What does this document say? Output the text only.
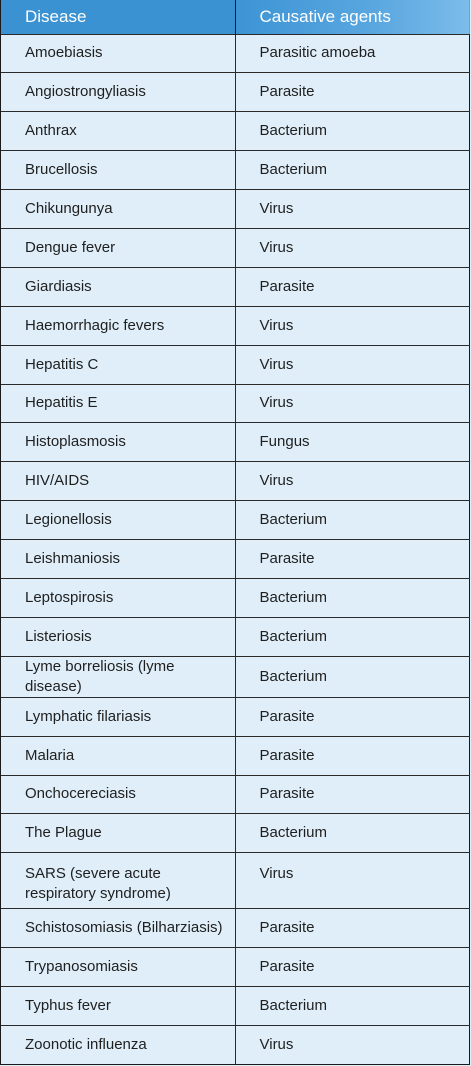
Disease	Causative agents
Amoebiasis	Parasitic amoeba
Angiostrongyliasis	Parasite
Anthrax	Bacterium
Brucellosis	Bacterium
Chikungunya	Virus
Dengue fever	Virus
Giardiasis	Parasite
Haemorrhagic fevers	Virus
Hepatitis C	Virus
Hepatitis E	Virus
Histoplasmosis	Fungus
HIV/AIDS	Virus
Legionellosis	Bacterium
Leishmaniosis	Parasite
Leptospirosis	Bacterium
Listeriosis	Bacterium
Lyme borreliosis (lyme disease)	Bacterium
Lymphatic filariasis	Parasite
Malaria	Parasite
Onchocereciasis	Parasite
The Plague	Bacterium
SARS (severe acute respiratory syndrome)	Virus
Schistosomiasis (Bilharziasis)	Parasite
Trypanosomiasis	Parasite
Typhus fever	Bacterium
Zoonotic influenza	Virus
